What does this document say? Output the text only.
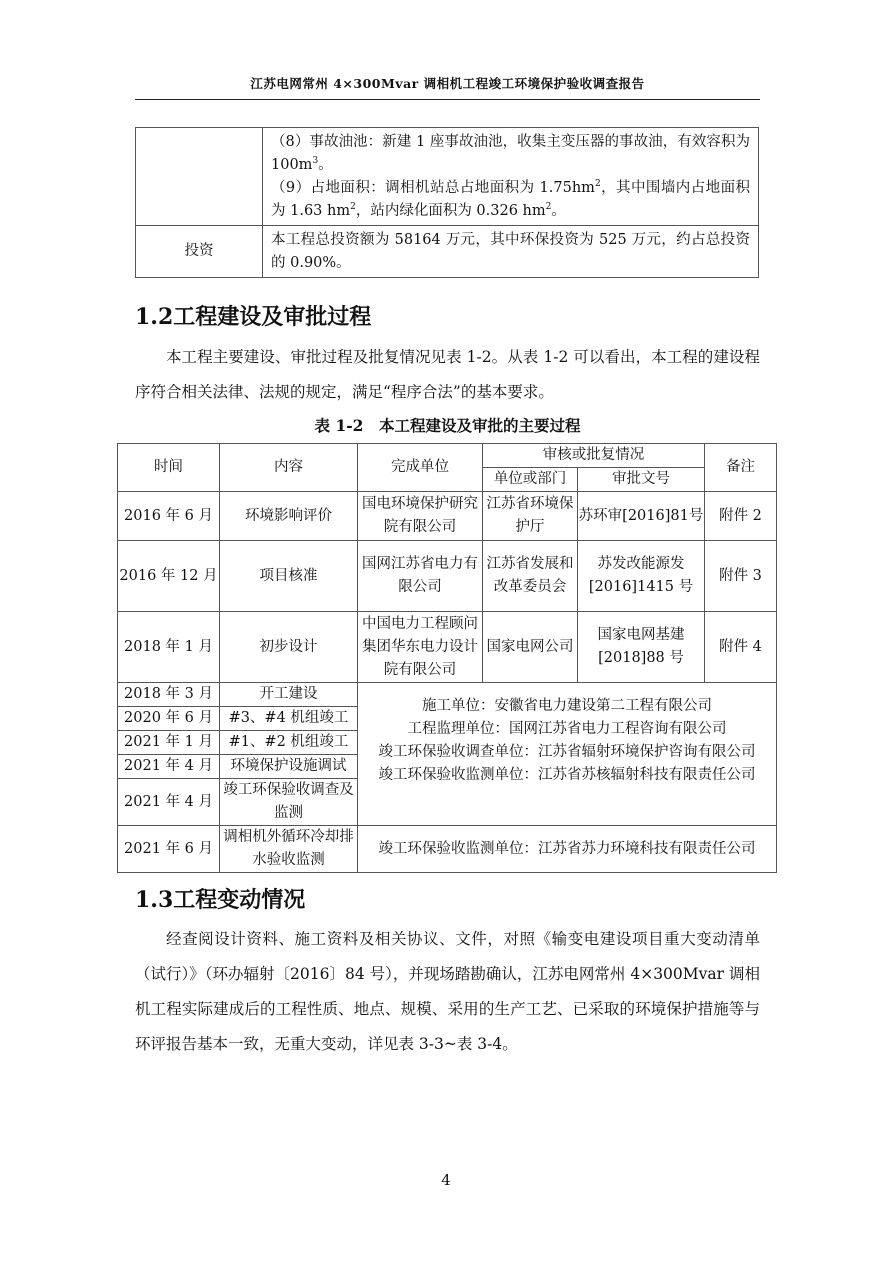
江苏电网常州 4×300Mvar 调相机工程竣工环境保护验收调查报告

	（8）事故油池：新建 1 座事故油池，收集主变压器的事故油，有效容积为 $100m^3$。

（9）占地面积：调相机站总占地面积为 $1.75hm^2$，其中围墙内占地面积为 1.63 $hm^2$，站内绿化面积为 0.326 $hm^2$。

投资	本工程总投资额为 58164 万元，其中环保投资为 525 万元，约占总投资的 0.90%。
1.2工程建设及审批过程

本工程主要建设、审批过程及批复情况见表 1-2。从表 1-2 可以看出，本工程的建设程序符合相关法律、法规的规定，满足“程序合法”的基本要求。

表 1-2　本工程建设及审批的主要过程
时间	内容	完成单位	审核或批复情况		备注
			单位或部门	审批文号	
2016 年 6 月	环境影响评价	国电环境保护研究院有限公司	江苏省环境保护厅	苏环审[2016]81号	附件 2
2016 年 12 月	项目核准	国网江苏省电力有限公司	江苏省发展和改革委员会	苏发改能源发[2016]1415 号	附件 3
2018 年 1 月	初步设计	中国电力工程顾问集团华东电力设计院有限公司	国家电网公司	国家电网基建[2018]88 号	附件 4
2018 年 3 月	开工建设	施工单位：安徽省电力建设第二工程有限公司
工程监理单位：国网江苏省电力工程咨询有限公司
竣工环保验收调查单位：江苏省辐射环境保护咨询有限公司
竣工环保验收监测单位：江苏省苏核辐射科技有限责任公司			

2020 年 6 月	#3、#4 机组竣工				
2021 年 1 月	#1、#2 机组竣工				
2021 年 4 月	环境保护设施调试				
2021 年 4 月	竣工环保验收调查及监测				
2021 年 6 月	调相机外循环冷却排水验收监测	竣工环保验收监测单位：江苏省苏力环境科技有限责任公司			
1.3工程变动情况

经查阅设计资料、施工资料及相关协议、文件，对照《输变电建设项目重大变动清单（试行）》（环办辐射〔2016〕84 号），并现场踏勘确认，江苏电网常州 4×300Mvar 调相机工程实际建成后的工程性质、地点、规模、采用的生产工艺、已采取的环境保护措施等与环评报告基本一致，无重大变动，详见表 3-3~表 3-4。

4
